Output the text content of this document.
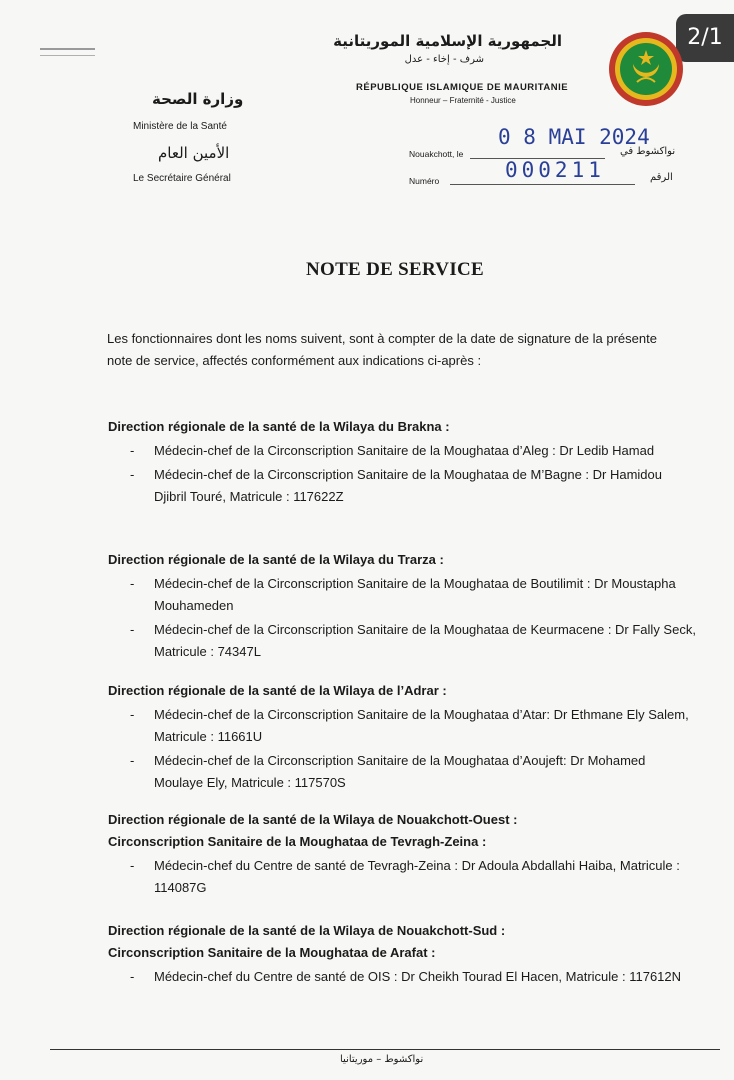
2/1
الجمهورية الإسلامية الموريتانية
شرف - إخاء - عدل
RÉPUBLIQUE ISLAMIQUE DE MAURITANIE
Honneur – Fraternité - Justice
وزارة الصحة
Ministère de la Santé
الأمين العام
Le Secrétaire Général
Nouakchott, le
0 8 MAI 2024
نواكشوط في
Numéro	000211	الرقم
NOTE DE SERVICE
Les fonctionnaires dont les noms suivent, sont à compter de la date de signature de la présente note de service, affectés conformément aux indications ci-après :
Direction régionale de la santé de la Wilaya du Brakna :
- Médecin-chef de la Circonscription Sanitaire de la Moughataa d’Aleg : Dr Ledib Hamad
- Médecin-chef de la Circonscription Sanitaire de la Moughataa de M’Bagne : Dr Hamidou Djibril Touré, Matricule : 117622Z
Direction régionale de la santé de la Wilaya du Trarza :
- Médecin-chef de la Circonscription Sanitaire de la Moughataa de Boutilimit : Dr Moustapha Mouhameden
- Médecin-chef de la Circonscription Sanitaire de la Moughataa de Keurmacene : Dr Fally Seck, Matricule : 74347L
Direction régionale de la santé de la Wilaya de l’Adrar :
- Médecin-chef de la Circonscription Sanitaire de la Moughataa d’Atar: Dr Ethmane Ely Salem, Matricule : 11661U
- Médecin-chef de la Circonscription Sanitaire de la Moughataa d’Aoujeft: Dr Mohamed Moulaye Ely, Matricule : 117570S
Direction régionale de la santé de la Wilaya de Nouakchott-Ouest :
Circonscription Sanitaire de la Moughataa de Tevragh-Zeina :
- Médecin-chef du Centre de santé de Tevragh-Zeina : Dr Adoula Abdallahi Haiba, Matricule : 114087G
Direction régionale de la santé de la Wilaya de Nouakchott-Sud :
Circonscription Sanitaire de la Moughataa de Arafat :
- Médecin-chef du Centre de santé de OIS : Dr Cheikh Tourad El Hacen, Matricule : 117612N
نواكشوط – موريتانيا
